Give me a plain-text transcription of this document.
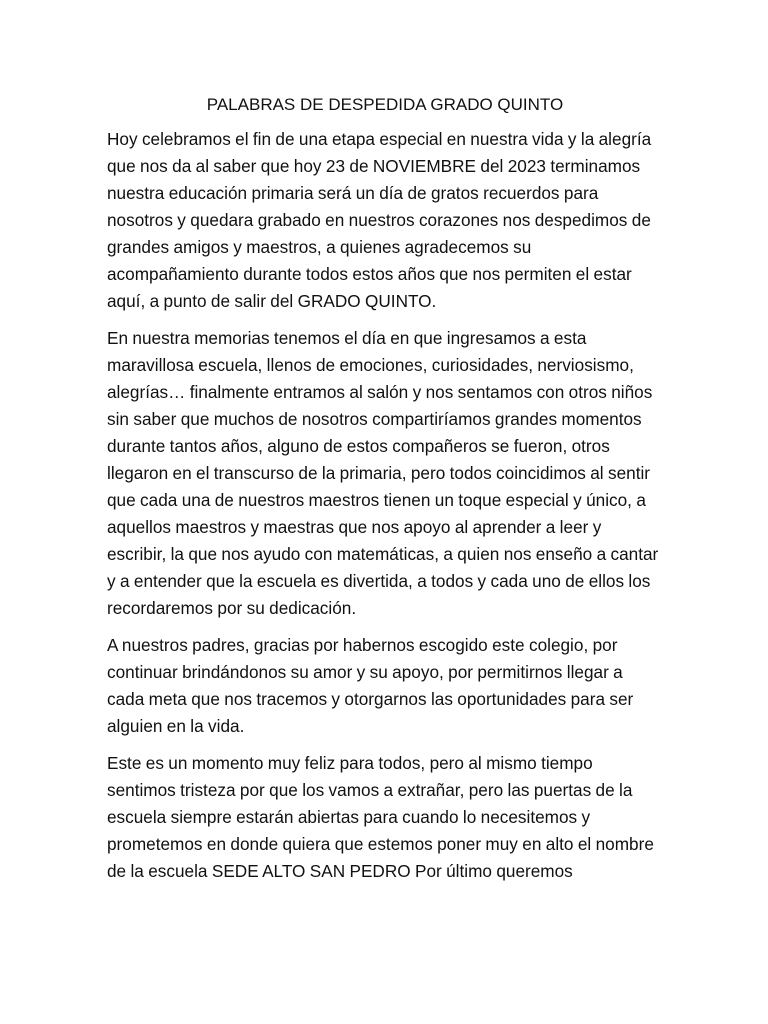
PALABRAS DE DESPEDIDA GRADO QUINTO

Hoy celebramos el fin de una etapa especial en nuestra vida y la alegría que nos da al saber que hoy 23 de NOVIEMBRE del 2023 terminamos nuestra educación primaria será un día de gratos recuerdos para nosotros y quedara grabado en nuestros corazones nos despedimos de grandes amigos y maestros, a quienes agradecemos su acompañamiento durante todos estos años que nos permiten el estar aquí, a punto de salir del GRADO QUINTO.

En nuestra memorias tenemos el día en que ingresamos a esta maravillosa escuela, llenos de emociones, curiosidades, nerviosismo, alegrías… finalmente entramos al salón y nos sentamos con otros niños sin saber que muchos de nosotros compartiríamos grandes momentos durante tantos años, alguno de estos compañeros se fueron, otros llegaron en el transcurso de la primaria, pero todos coincidimos al sentir que cada una de nuestros maestros tienen un toque especial y único, a aquellos maestros y maestras que nos apoyo al aprender a leer y escribir, la que nos ayudo con matemáticas, a quien nos enseño a cantar y a entender que la escuela es divertida, a todos y cada uno de ellos los recordaremos por su dedicación.

A nuestros padres, gracias por habernos escogido este colegio, por continuar brindándonos su amor y su apoyo, por permitirnos llegar a cada meta que nos tracemos y otorgarnos las oportunidades para ser alguien en la vida.

Este es un momento muy feliz para todos, pero al mismo tiempo sentimos tristeza por que los vamos a extrañar, pero las puertas de la escuela siempre estarán abiertas para cuando lo necesitemos y prometemos en donde quiera que estemos poner muy en alto el nombre de la escuela SEDE ALTO SAN PEDRO Por último queremos
